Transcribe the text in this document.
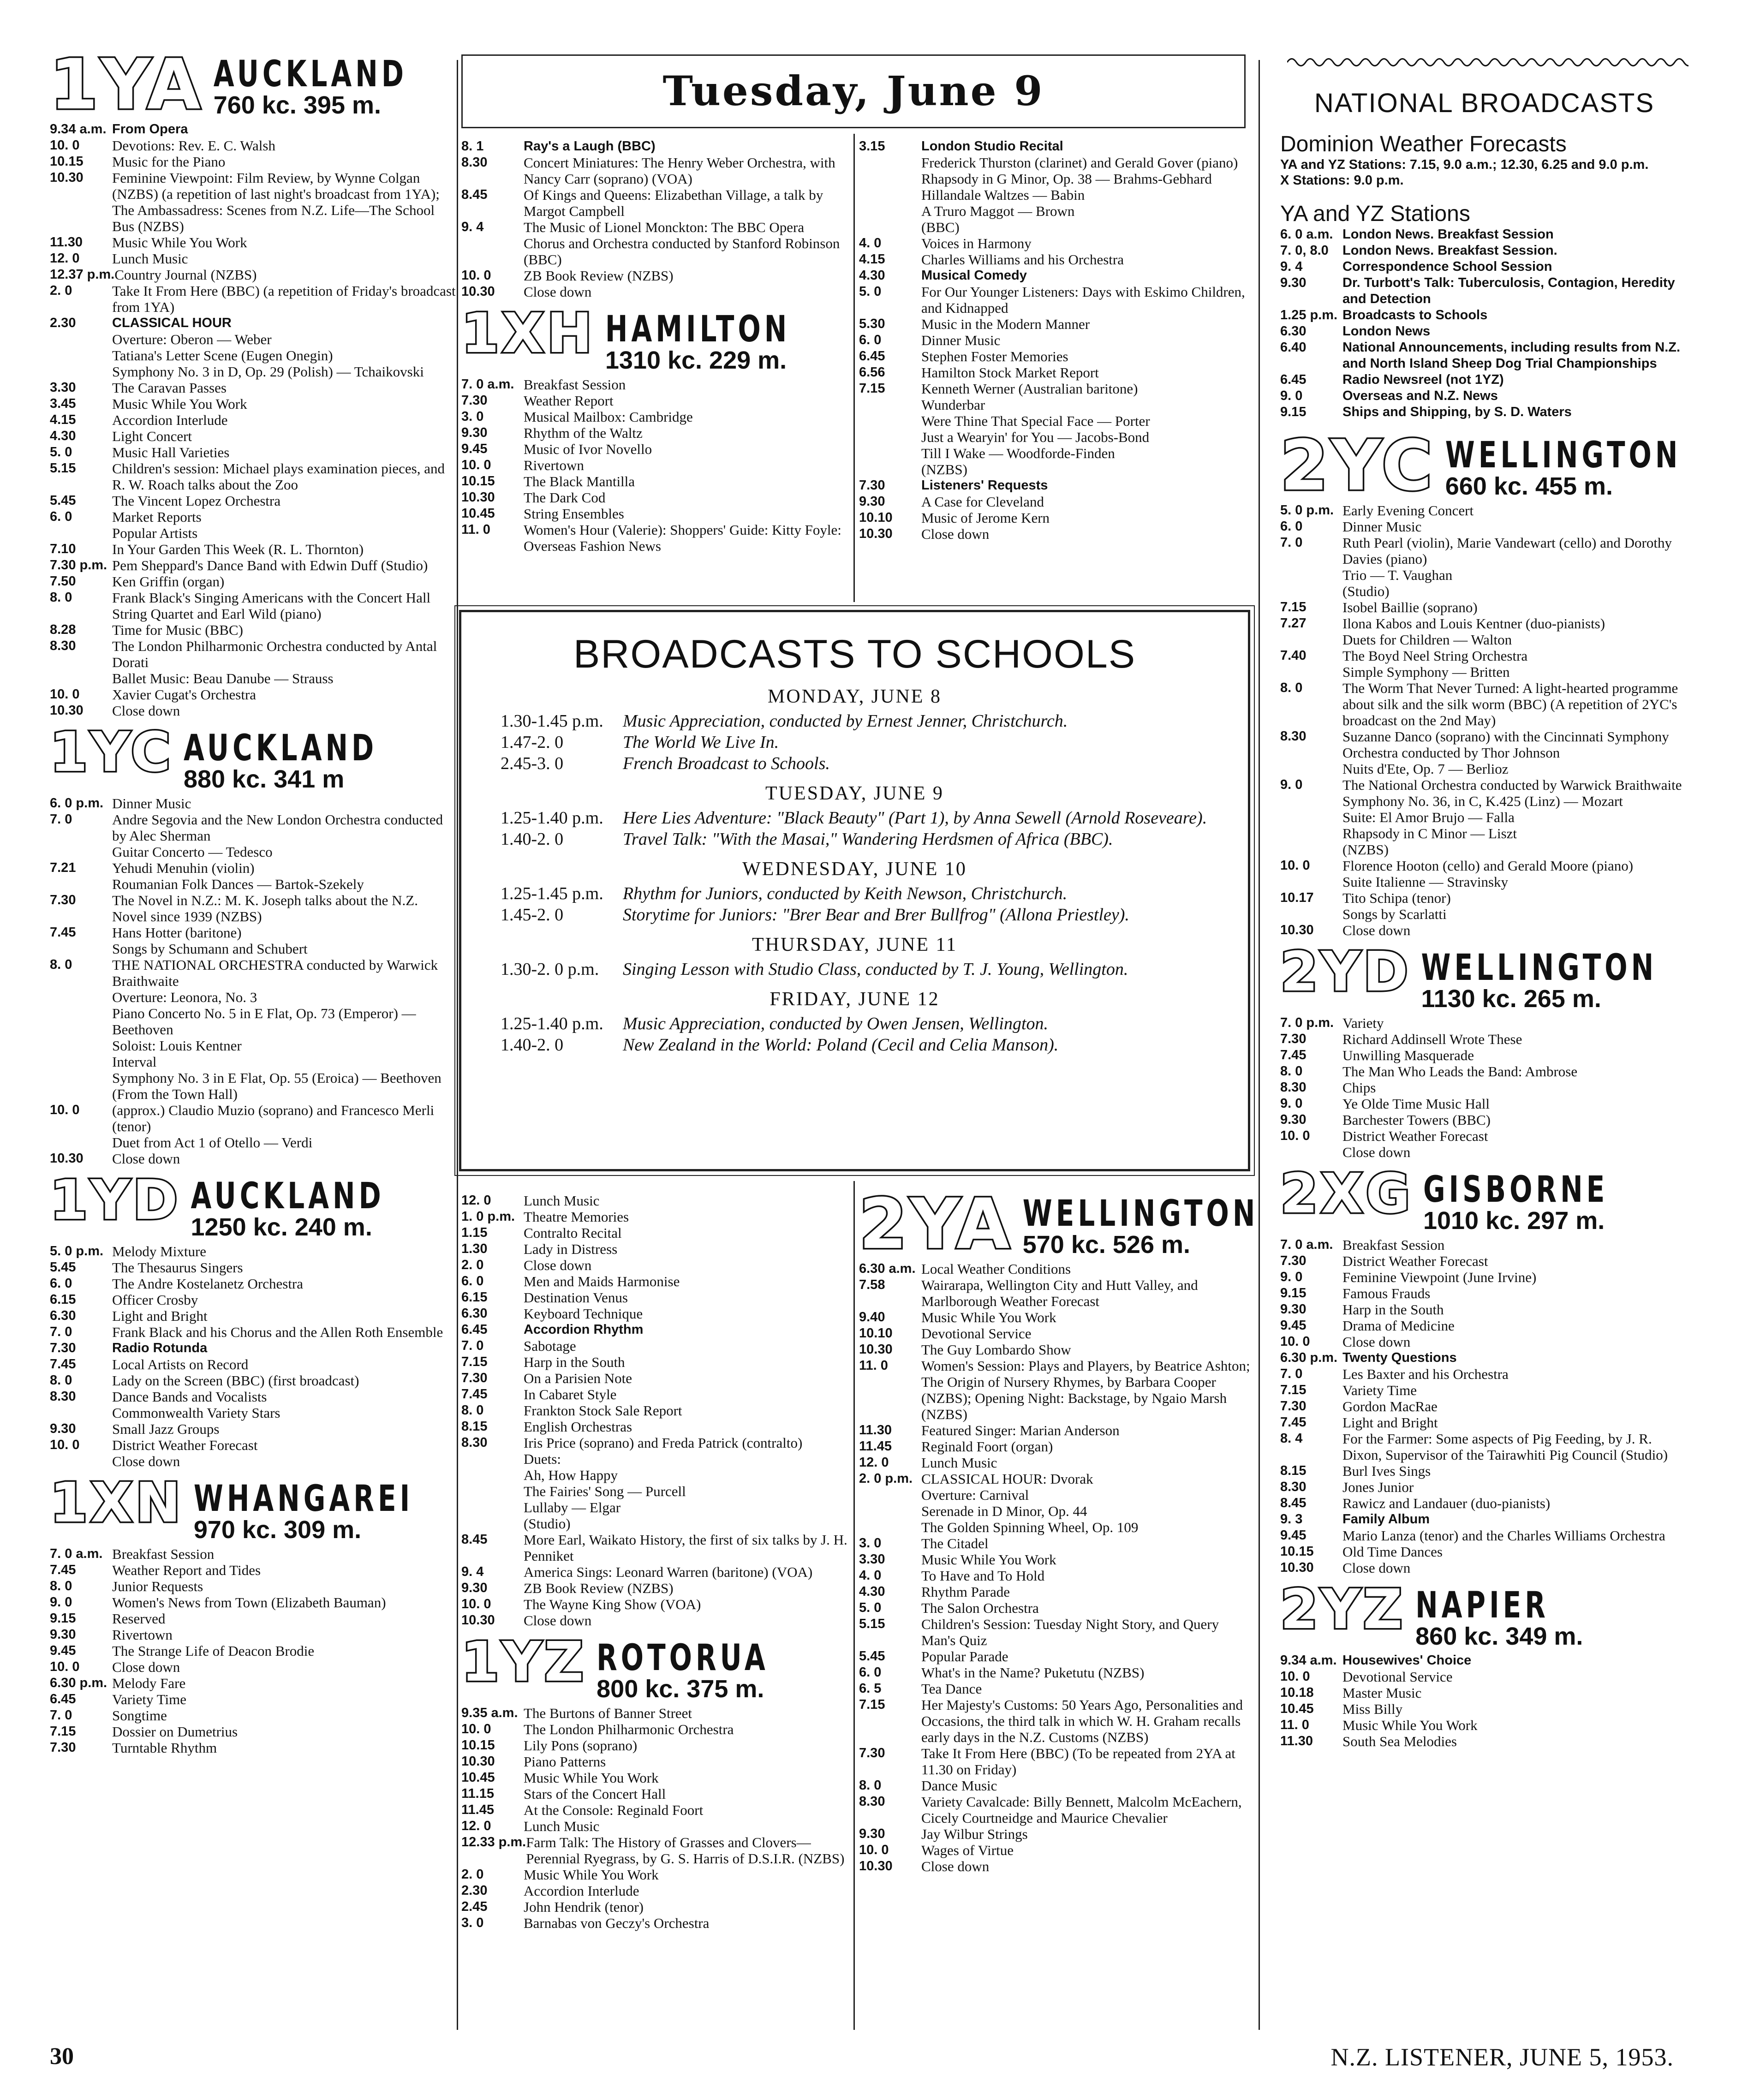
Tuesday, June 9
1YA AUCKLAND
760 kc. 395 m.
9.34 a.m. From Opera
10. 0	Devotions: Rev. E. C. Walsh
10.15	Music for the Piano
10.30	Feminine Viewpoint: Film Review, by Wynne Colgan (NZBS) (a repetition of last night's broadcast from 1YA); The Ambassadress: Scenes from N.Z. Life—The School Bus (NZBS)
11.30	Music While You Work
12. 0	Lunch Music
12.37 p.m. Country Journal (NZBS)
2. 0	Take It From Here (BBC) (a repetition of Friday's broadcast from 1YA)
2.30	CLASSICAL HOUR
Overture: Oberon — Weber
Tatiana's Letter Scene (Eugen Onegin)
Symphony No. 3 in D, Op. 29 (Polish) — Tchaikovski
3.30	The Caravan Passes
3.45	Music While You Work
4.15	Accordion Interlude
4.30	Light Concert
5. 0	Music Hall Varieties
5.15	Children's session: Michael plays examination pieces, and R. W. Roach talks about the Zoo
5.45	The Vincent Lopez Orchestra
6. 0	Market Reports
Popular Artists
7.10	In Your Garden This Week (R. L. Thornton)
7.30 p.m. Pem Sheppard's Dance Band with Edwin Duff (Studio)
7.50	Ken Griffin (organ)
8. 0	Frank Black's Singing Americans with the Concert Hall String Quartet and Earl Wild (piano)
8.28	Time for Music (BBC)
8.30	The London Philharmonic Orchestra conducted by Antal Dorati
Ballet Music: Beau Danube — Strauss
10. 0	Xavier Cugat's Orchestra
10.30	Close down
1YC AUCKLAND
880 kc. 341 m
6. 0 p.m. Dinner Music
7. 0	Andre Segovia and the New London Orchestra conducted by Alec Sherman
Guitar Concerto — Tedesco
7.21	Yehudi Menuhin (violin)
Roumanian Folk Dances — Bartok-Szekely
7.30	The Novel in N.Z.: M. K. Joseph talks about the N.Z. Novel since 1939 (NZBS)
7.45	Hans Hotter (baritone)
Songs by Schumann and Schubert
8. 0	THE NATIONAL ORCHESTRA conducted by Warwick Braithwaite
Overture: Leonora, No. 3
Piano Concerto No. 5 in E Flat, Op. 73 (Emperor) — Beethoven
Soloist: Louis Kentner
Interval
Symphony No. 3 in E Flat, Op. 55 (Eroica) — Beethoven
(From the Town Hall)
10. 0	(approx.) Claudio Muzio (soprano) and Francesco Merli (tenor)
Duet from Act 1 of Otello — Verdi
10.30	Close down
1YD AUCKLAND
1250 kc. 240 m.
5. 0 p.m. Melody Mixture
5.45	The Thesaurus Singers
6. 0	The Andre Kostelanetz Orchestra
6.15	Officer Crosby
6.30	Light and Bright
7. 0	Frank Black and his Chorus and the Allen Roth Ensemble
7.30	Radio Rotunda
7.45	Local Artists on Record
8. 0	Lady on the Screen (BBC) (first broadcast)
8.30	Dance Bands and Vocalists
Commonwealth Variety Stars
9.30	Small Jazz Groups
10. 0	District Weather Forecast
Close down
1XN WHANGAREI
970 kc. 309 m.
7. 0 a.m. Breakfast Session
7.45	Weather Report and Tides
8. 0	Junior Requests
9. 0	Women's News from Town (Elizabeth Bauman)
9.15	Reserved
9.30	Rivertown
9.45	The Strange Life of Deacon Brodie
10. 0	Close down
6.30 p.m. Melody Fare
6.45	Variety Time
7. 0	Songtime
7.15	Dossier on Dumetrius
7.30	Turntable Rhythm
8. 1	Ray's a Laugh (BBC)
8.30	Concert Miniatures: The Henry Weber Orchestra, with Nancy Carr (soprano) (VOA)
8.45	Of Kings and Queens: Elizabethan Village, a talk by Margot Campbell
9. 4	The Music of Lionel Monckton: The BBC Opera Chorus and Orchestra conducted by Stanford Robinson (BBC)
10. 0	ZB Book Review (NZBS)
10.30	Close down
1XH HAMILTON
1310 kc. 229 m.
7. 0 a.m. Breakfast Session
7.30	Weather Report
3. 0	Musical Mailbox: Cambridge
9.30	Rhythm of the Waltz
9.45	Music of Ivor Novello
10. 0	Rivertown
10.15	The Black Mantilla
10.30	The Dark Cod
10.45	String Ensembles
11. 0	Women's Hour (Valerie): Shoppers' Guide: Kitty Foyle: Overseas Fashion News
3.15	London Studio Recital
Frederick Thurston (clarinet) and Gerald Gover (piano)
Rhapsody in G Minor, Op. 38 — Brahms-Gebhard
Hillandale Waltzes — Babin
A Truro Maggot — Brown
(BBC)
4. 0	Voices in Harmony
4.15	Charles Williams and his Orchestra
4.30	Musical Comedy
5. 0	For Our Younger Listeners: Days with Eskimo Children, and Kidnapped
5.30	Music in the Modern Manner
6. 0	Dinner Music
6.45	Stephen Foster Memories
6.56	Hamilton Stock Market Report
7.15	Kenneth Werner (Australian baritone)
Wunderbar
Were Thine That Special Face — Porter
Just a Wearyin' for You — Jacobs-Bond
Till I Wake — Woodforde-Finden
(NZBS)
7.30	Listeners' Requests
9.30	A Case for Cleveland
10.10	Music of Jerome Kern
10.30	Close down
BROADCASTS TO SCHOOLS
MONDAY, JUNE 8
1.30-1.45 p.m.	Music Appreciation, conducted by Ernest Jenner, Christchurch.
1.47-2. 0	The World We Live In.
2.45-3. 0	French Broadcast to Schools.
TUESDAY, JUNE 9
1.25-1.40 p.m.	Here Lies Adventure: "Black Beauty" (Part 1), by Anna Sewell (Arnold Roseveare).
1.40-2. 0	Travel Talk: "With the Masai," Wandering Herdsmen of Africa (BBC).
WEDNESDAY, JUNE 10
1.25-1.45 p.m.	Rhythm for Juniors, conducted by Keith Newson, Christchurch.
1.45-2. 0	Storytime for Juniors: "Brer Bear and Brer Bullfrog" (Allona Priestley).
THURSDAY, JUNE 11
1.30-2. 0 p.m.	Singing Lesson with Studio Class, conducted by T. J. Young, Wellington.
FRIDAY, JUNE 12
1.25-1.40 p.m.	Music Appreciation, conducted by Owen Jensen, Wellington.
1.40-2. 0	New Zealand in the World: Poland (Cecil and Celia Manson).
12. 0	Lunch Music
1. 0 p.m. Theatre Memories
1.15	Contralto Recital
1.30	Lady in Distress
2. 0	Close down
6. 0	Men and Maids Harmonise
6.15	Destination Venus
6.30	Keyboard Technique
6.45	Accordion Rhythm
7. 0	Sabotage
7.15	Harp in the South
7.30	On a Parisien Note
7.45	In Cabaret Style
8. 0	Frankton Stock Sale Report
8.15	English Orchestras
8.30	Iris Price (soprano) and Freda Patrick (contralto)
Duets:
Ah, How Happy
The Fairies' Song — Purcell
Lullaby — Elgar
(Studio)
8.45	More Earl, Waikato History, the first of six talks by J. H. Penniket
9. 4	America Sings: Leonard Warren (baritone) (VOA)
9.30	ZB Book Review (NZBS)
10. 0	The Wayne King Show (VOA)
10.30	Close down
1YZ ROTORUA
800 kc. 375 m.
9.35 a.m. The Burtons of Banner Street
10. 0	The London Philharmonic Orchestra
10.15	Lily Pons (soprano)
10.30	Piano Patterns
10.45	Music While You Work
11.15	Stars of the Concert Hall
11.45	At the Console: Reginald Foort
12. 0	Lunch Music
12.33 p.m. Farm Talk: The History of Grasses and Clovers—Perennial Ryegrass, by G. S. Harris of D.S.I.R. (NZBS)
2. 0	Music While You Work
2.30	Accordion Interlude
2.45	John Hendrik (tenor)
3. 0	Barnabas von Geczy's Orchestra
2YA WELLINGTON
570 kc. 526 m.
6.30 a.m. Local Weather Conditions
7.58	Wairarapa, Wellington City and Hutt Valley, and Marlborough Weather Forecast
9.40	Music While You Work
10.10	Devotional Service
10.30	The Guy Lombardo Show
11. 0	Women's Session: Plays and Players, by Beatrice Ashton; The Origin of Nursery Rhymes, by Barbara Cooper (NZBS); Opening Night: Backstage, by Ngaio Marsh (NZBS)
11.30	Featured Singer: Marian Anderson
11.45	Reginald Foort (organ)
12. 0	Lunch Music
2. 0 p.m. CLASSICAL HOUR: Dvorak
Overture: Carnival
Serenade in D Minor, Op. 44
The Golden Spinning Wheel, Op. 109
3. 0	The Citadel
3.30	Music While You Work
4. 0	To Have and To Hold
4.30	Rhythm Parade
5. 0	The Salon Orchestra
5.15	Children's Session: Tuesday Night Story, and Query Man's Quiz
5.45	Popular Parade
6. 0	What's in the Name? Puketutu (NZBS)
6. 5	Tea Dance
7.15	Her Majesty's Customs: 50 Years Ago, Personalities and Occasions, the third talk in which W. H. Graham recalls early days in the N.Z. Customs (NZBS)
7.30	Take It From Here (BBC) (To be repeated from 2YA at 11.30 on Friday)
8. 0	Dance Music
8.30	Variety Cavalcade: Billy Bennett, Malcolm McEachern, Cicely Courtneidge and Maurice Chevalier
9.30	Jay Wilbur Strings
10. 0	Wages of Virtue
10.30	Close down
NATIONAL BROADCASTS
Dominion Weather Forecasts
YA and YZ Stations: 7.15, 9.0 a.m.; 12.30, 6.25 and 9.0 p.m.
X Stations: 9.0 p.m.
YA and YZ Stations
6. 0 a.m. London News. Breakfast Session
7. 0, 8.0	London News. Breakfast Session.
9. 4	Correspondence School Session
9.30	Dr. Turbott's Talk: Tuberculosis, Contagion, Heredity and Detection
1.25 p.m. Broadcasts to Schools
6.30	London News
6.40	National Announcements, including results from N.Z. and North Island Sheep Dog Trial Championships
6.45	Radio Newsreel (not 1YZ)
9. 0	Overseas and N.Z. News
9.15	Ships and Shipping, by S. D. Waters
2YC WELLINGTON
660 kc. 455 m.
5. 0 p.m. Early Evening Concert
6. 0	Dinner Music
7. 0	Ruth Pearl (violin), Marie Vandewart (cello) and Dorothy Davies (piano)
Trio — T. Vaughan
(Studio)
7.15	Isobel Baillie (soprano)
7.27	Ilona Kabos and Louis Kentner (duo-pianists)
Duets for Children — Walton
7.40	The Boyd Neel String Orchestra
Simple Symphony — Britten
8. 0	The Worm That Never Turned: A light-hearted programme about silk and the silk worm (BBC) (A repetition of 2YC's broadcast on the 2nd May)
8.30	Suzanne Danco (soprano) with the Cincinnati Symphony Orchestra conducted by Thor Johnson
Nuits d'Ete, Op. 7 — Berlioz
9. 0	The National Orchestra conducted by Warwick Braithwaite
Symphony No. 36, in C, K.425 (Linz) — Mozart
Suite: El Amor Brujo — Falla
Rhapsody in C Minor — Liszt
(NZBS)
10. 0	Florence Hooton (cello) and Gerald Moore (piano)
Suite Italienne — Stravinsky
10.17	Tito Schipa (tenor)
Songs by Scarlatti
10.30	Close down
2YD WELLINGTON
1130 kc. 265 m.
7. 0 p.m. Variety
7.30	Richard Addinsell Wrote These
7.45	Unwilling Masquerade
8. 0	The Man Who Leads the Band: Ambrose
8.30	Chips
9. 0	Ye Olde Time Music Hall
9.30	Barchester Towers (BBC)
10. 0	District Weather Forecast
Close down
2XG GISBORNE
1010 kc. 297 m.
7. 0 a.m. Breakfast Session
7.30	District Weather Forecast
9. 0	Feminine Viewpoint (June Irvine)
9.15	Famous Frauds
9.30	Harp in the South
9.45	Drama of Medicine
10. 0	Close down
6.30 p.m. Twenty Questions
7. 0	Les Baxter and his Orchestra
7.15	Variety Time
7.30	Gordon MacRae
7.45	Light and Bright
8. 4	For the Farmer: Some aspects of Pig Feeding, by J. R. Dixon, Supervisor of the Tairawhiti Pig Council (Studio)
8.15	Burl Ives Sings
8.30	Jones Junior
8.45	Rawicz and Landauer (duo-pianists)
9. 3	Family Album
9.45	Mario Lanza (tenor) and the Charles Williams Orchestra
10.15	Old Time Dances
10.30	Close down
2YZ NAPIER
860 kc. 349 m.
9.34 a.m. Housewives' Choice
10. 0	Devotional Service
10.18	Master Music
10.45	Miss Billy
11. 0	Music While You Work
11.30	South Sea Melodies
30	N.Z. LISTENER, JUNE 5, 1953.
